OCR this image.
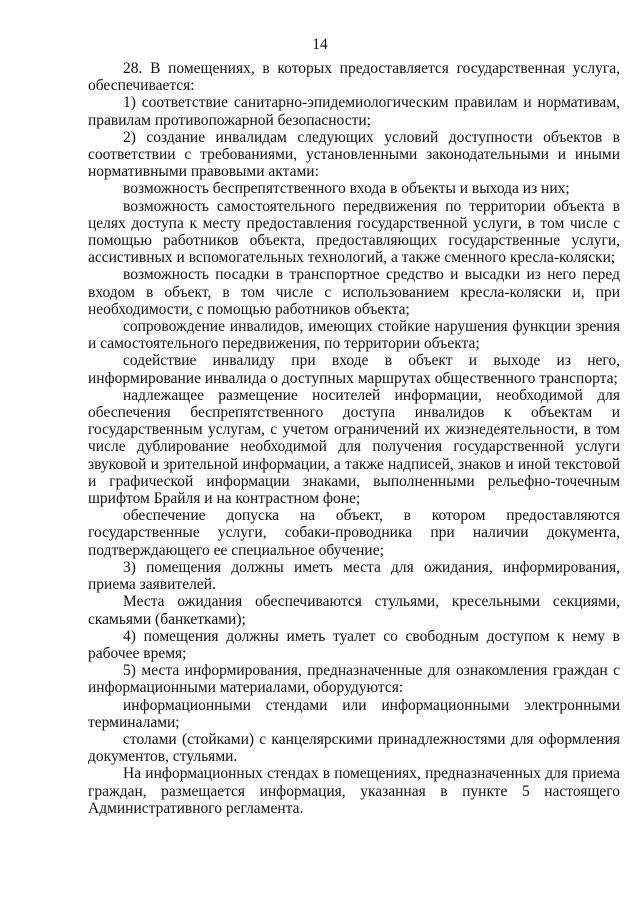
14

28. В помещениях, в которых предоставляется государственная услуга, обеспечивается:

1) соответствие санитарно-эпидемиологическим правилам и нормативам, правилам противопожарной безопасности;

2) создание инвалидам следующих условий доступности объектов в соответствии с требованиями, установленными законодательными и иными нормативными правовыми актами:

возможность беспрепятственного входа в объекты и выхода из них;

возможность самостоятельного передвижения по территории объекта в целях доступа к месту предоставления государственной услуги, в том числе с помощью работников объекта, предоставляющих государственные услуги, ассистивных и вспомогательных технологий, а также сменного кресла-коляски;

возможность посадки в транспортное средство и высадки из него перед входом в объект, в том числе с использованием кресла-коляски и, при необходимости, с помощью работников объекта;

сопровождение инвалидов, имеющих стойкие нарушения функции зрения и самостоятельного передвижения, по территории объекта;

содействие инвалиду при входе в объект и выходе из него, информирование инвалида о доступных маршрутах общественного транспорта;

надлежащее размещение носителей информации, необходимой для обеспечения беспрепятственного доступа инвалидов к объектам и государственным услугам, с учетом ограничений их жизнедеятельности, в том числе дублирование необходимой для получения государственной услуги звуковой и зрительной информации, а также надписей, знаков и иной текстовой и графической информации знаками, выполненными рельефно-точечным шрифтом Брайля и на контрастном фоне;

обеспечение допуска на объект, в котором предоставляются государственные услуги, собаки-проводника при наличии документа, подтверждающего ее специальное обучение;

3) помещения должны иметь места для ожидания, информирования, приема заявителей.

Места ожидания обеспечиваются стульями, кресельными секциями, скамьями (банкетками);

4) помещения должны иметь туалет со свободным доступом к нему в рабочее время;

5) места информирования, предназначенные для ознакомления граждан с информационными материалами, оборудуются:

информационными стендами или информационными электронными терминалами;

столами (стойками) с канцелярскими принадлежностями для оформления документов, стульями.

На информационных стендах в помещениях, предназначенных для приема граждан, размещается информация, указанная в пункте 5 настоящего Административного регламента.
